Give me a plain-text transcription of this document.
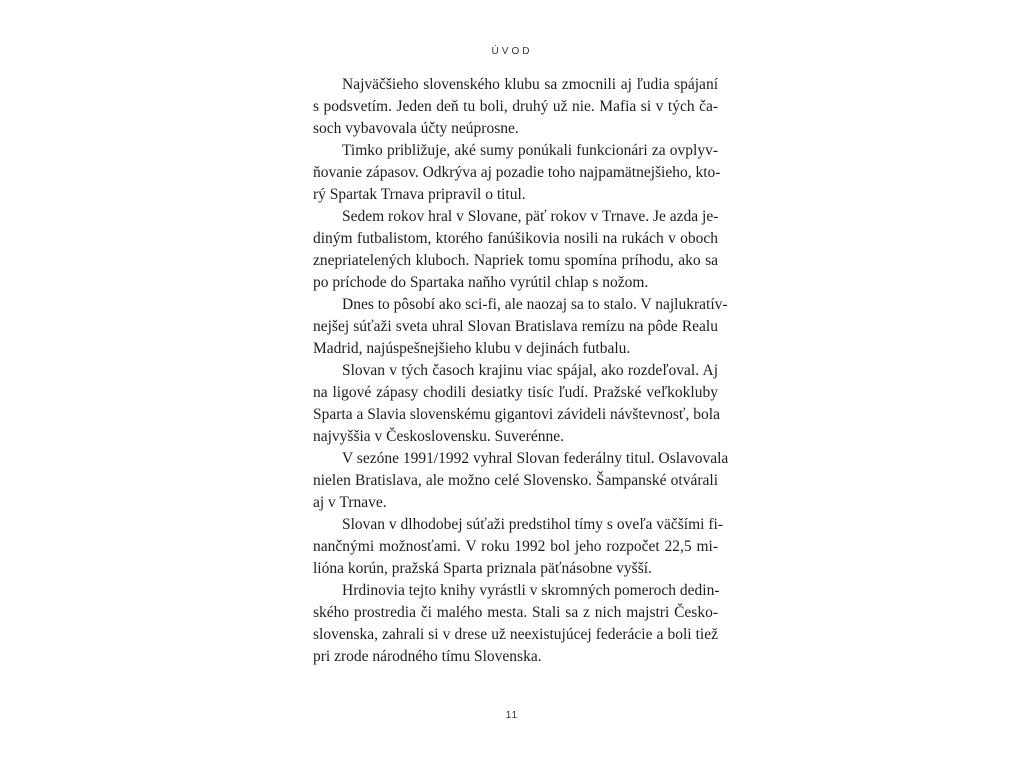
ÚVOD
Najväčšieho slovenského klubu sa zmocnili aj ľudia spájaní
s podsvetím. Jeden deň tu boli, druhý už nie. Mafia si v tých ča-
soch vybavovala účty neúprosne.
Timko približuje, aké sumy ponúkali funkcionári za ovplyv-
ňovanie zápasov. Odkrýva aj pozadie toho najpamätnejšieho, kto-
rý Spartak Trnava pripravil o titul.
Sedem rokov hral v Slovane, päť rokov v Trnave. Je azda je-
diným futbalistom, ktorého fanúšikovia nosili na rukách v oboch
znepriatelených kluboch. Napriek tomu spomína príhodu, ako sa
po príchode do Spartaka naňho vyrútil chlap s nožom.
Dnes to pôsobí ako sci-fi, ale naozaj sa to stalo. V najlukratív-
nejšej súťaži sveta uhral Slovan Bratislava remízu na pôde Realu
Madrid, najúspešnejšieho klubu v dejinách futbalu.
Slovan v tých časoch krajinu viac spájal, ako rozdeľoval. Aj
na ligové zápasy chodili desiatky tisíc ľudí. Pražské veľkokluby
Sparta a Slavia slovenskému gigantovi závideli návštevnosť, bola
najvyššia v Československu. Suverénne.
V sezóne 1991/1992 vyhral Slovan federálny titul. Oslavovala
nielen Bratislava, ale možno celé Slovensko. Šampanské otvárali
aj v Trnave.
Slovan v dlhodobej súťaži predstihol tímy s oveľa väčšími fi-
nančnými možnosťami. V roku 1992 bol jeho rozpočet 22,5 mi-
lióna korún, pražská Sparta priznala päťnásobne vyšší.
Hrdinovia tejto knihy vyrástli v skromných pomeroch dedin-
ského prostredia či malého mesta. Stali sa z nich majstri Česko-
slovenska, zahrali si v drese už neexistujúcej federácie a boli tiež
pri zrode národného tímu Slovenska.
11
